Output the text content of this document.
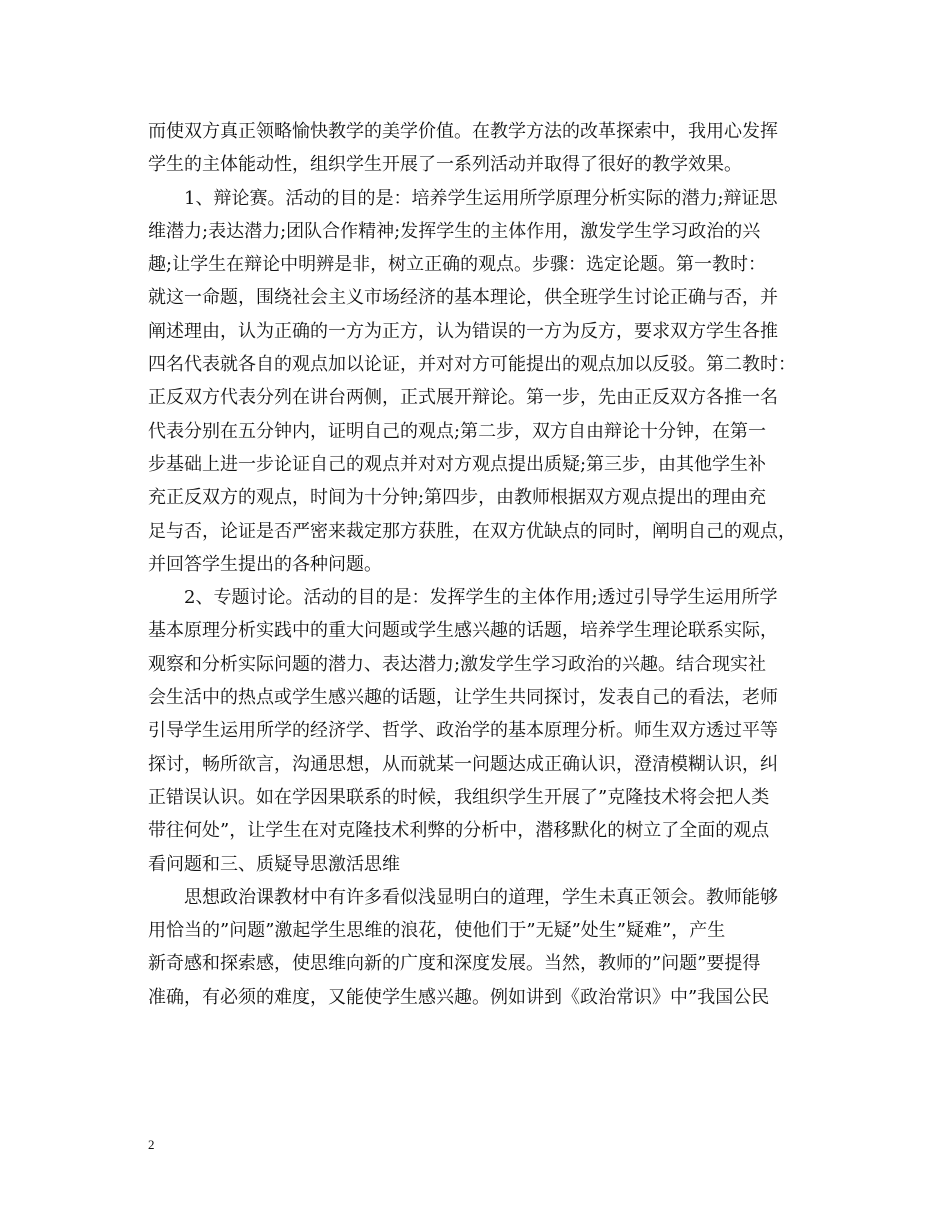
而使双方真正领略愉快教学的美学价值。在教学方法的改革探索中，我用心发挥
学生的主体能动性，组织学生开展了一系列活动并取得了很好的教学效果。
1、辩论赛。活动的目的是：培养学生运用所学原理分析实际的潜力;辩证思
维潜力;表达潜力;团队合作精神;发挥学生的主体作用，激发学生学习政治的兴
趣;让学生在辩论中明辨是非，树立正确的观点。步骤：选定论题。第一教时：
就这一命题，围绕社会主义市场经济的基本理论，供全班学生讨论正确与否，并
阐述理由，认为正确的一方为正方，认为错误的一方为反方，要求双方学生各推
四名代表就各自的观点加以论证，并对对方可能提出的观点加以反驳。第二教时：
正反双方代表分列在讲台两侧，正式展开辩论。第一步，先由正反双方各推一名
代表分别在五分钟内，证明自己的观点;第二步，双方自由辩论十分钟，在第一
步基础上进一步论证自己的观点并对对方观点提出质疑;第三步，由其他学生补
充正反双方的观点，时间为十分钟;第四步，由教师根据双方观点提出的理由充
足与否，论证是否严密来裁定那方获胜，在双方优缺点的同时，阐明自己的观点，
并回答学生提出的各种问题。
2、专题讨论。活动的目的是：发挥学生的主体作用;透过引导学生运用所学
基本原理分析实践中的重大问题或学生感兴趣的话题，培养学生理论联系实际，
观察和分析实际问题的潜力、表达潜力;激发学生学习政治的兴趣。结合现实社
会生活中的热点或学生感兴趣的话题，让学生共同探讨，发表自己的看法，老师
引导学生运用所学的经济学、哲学、政治学的基本原理分析。师生双方透过平等
探讨，畅所欲言，沟通思想，从而就某一问题达成正确认识，澄清模糊认识，纠
正错误认识。如在学因果联系的时候，我组织学生开展了”克隆技术将会把人类
带往何处”，让学生在对克隆技术利弊的分析中，潜移默化的树立了全面的观点
看问题和三、质疑导思激活思维
思想政治课教材中有许多看似浅显明白的道理，学生未真正领会。教师能够
用恰当的”问题”激起学生思维的浪花，使他们于”无疑”处生”疑难”，产生
新奇感和探索感，使思维向新的广度和深度发展。当然，教师的”问题”要提得
准确，有必须的难度，又能使学生感兴趣。例如讲到《政治常识》中”我国公民
2
